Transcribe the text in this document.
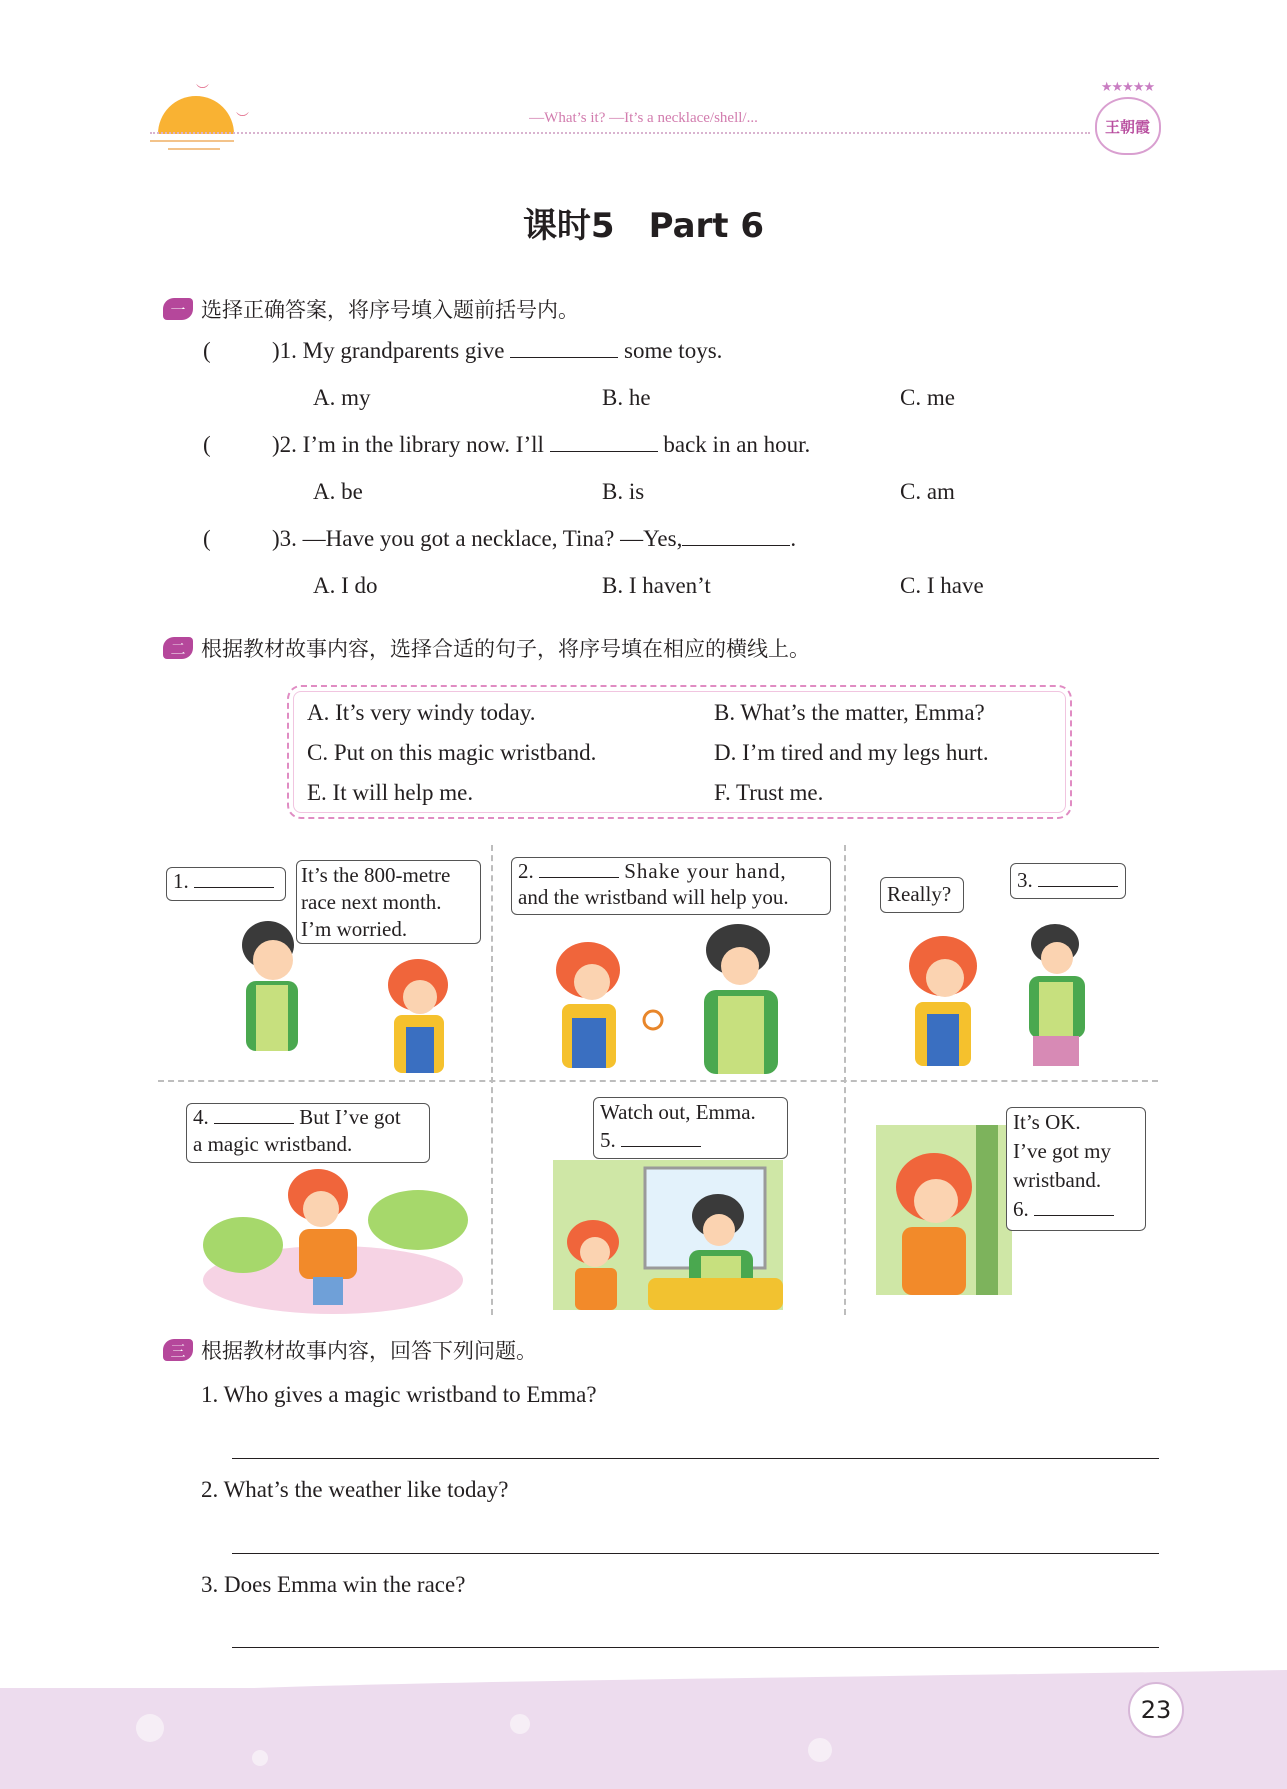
︶
︶	—What’s it? —It’s a necklace/shell/...
★★★★★
王朝霞
课时5　Part 6
一 选择正确答案，将序号填入题前括号内。
(	)1. My grandparents give	some toys.
A. my	B. he	C. me
(	)2. I’m in the library now. I’ll	back in an hour.
A. be	B. is	C. am
(	)3. —Have you got a necklace, Tina? —Yes,	.
A. I do	B. I haven’t	C. I have
二 根据教材故事内容，选择合适的句子，将序号填在相应的横线上。
A. It’s very windy today.	B. What’s the matter, Emma?
C. Put on this magic wristband.	D. I’m tired and my legs hurt.
E. It will help me.	F. Trust me.
1.	It’s the 800-metre
race next month.
I’m worried.
2.	Shake your hand,
and the wristband will help you.	Really?
3.
4.	But I’ve got
a magic wristband.
Watch out, Emma.
5.
It’s OK.
I’ve got my
wristband.
6.
三 根据教材故事内容，回答下列问题。
1. Who gives a magic wristband to Emma?
2. What’s the weather like today?
3. Does Emma win the race?
23
